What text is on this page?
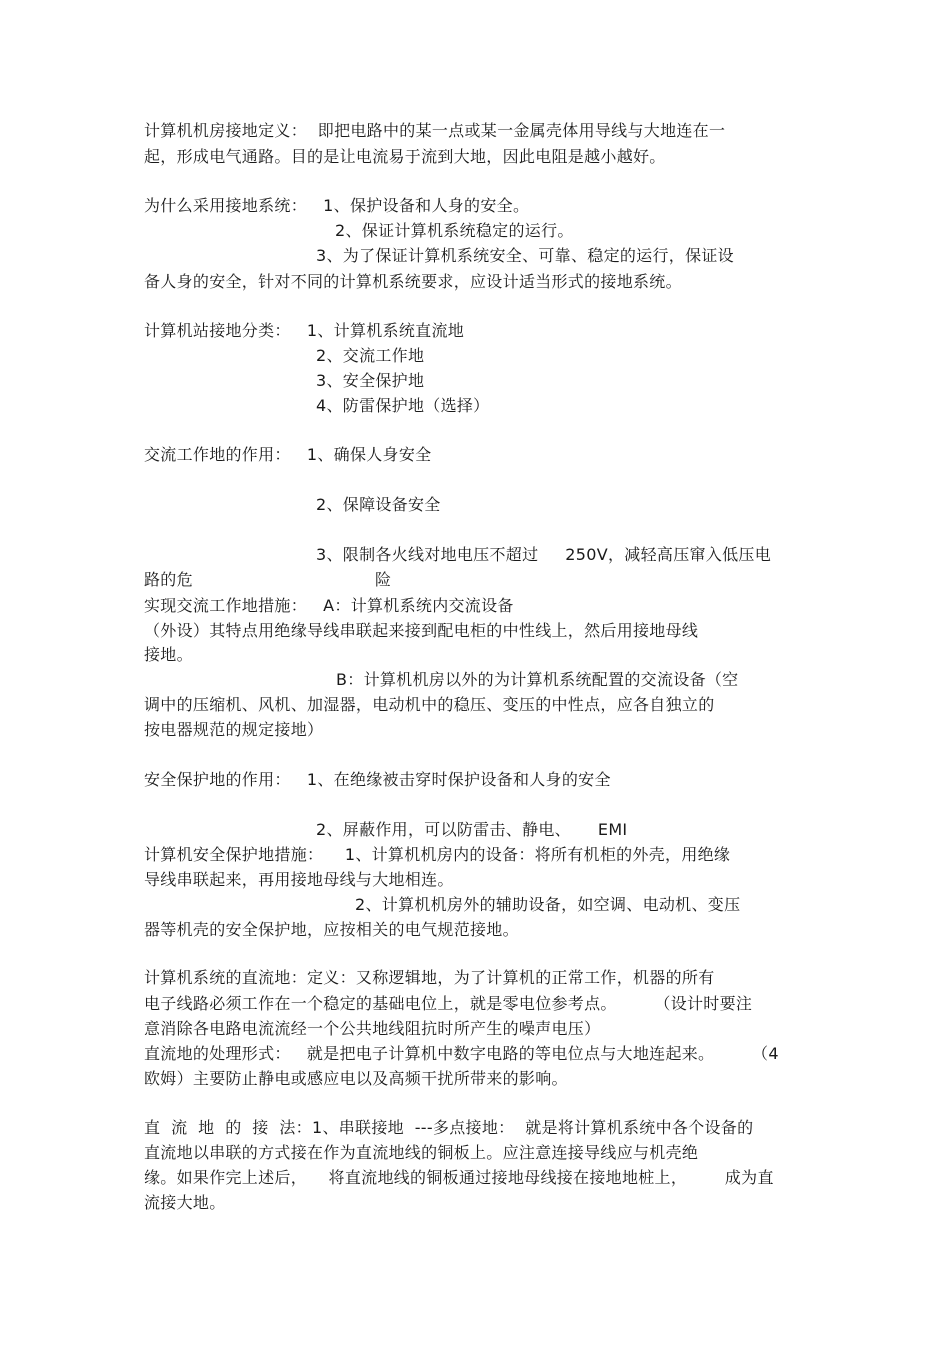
计算机机房接地定义：  即把电路中的某一点或某一金属壳体用导线与大地连在一
起，形成电气通路。目的是让电流易于流到大地，因此电阻是越小越好。
为什么采用接地系统：   1、保护设备和人身的安全。
2、保证计算机系统稳定的运行。
3、为了保证计算机系统安全、可靠、稳定的运行，保证设
备人身的安全，针对不同的计算机系统要求，应设计适当形式的接地系统。
计算机站接地分类：   1、计算机系统直流地
2、交流工作地
3、安全保护地
4、防雷保护地（选择）
交流工作地的作用：   1、确保人身安全
2、保障设备安全
3、限制各火线对地电压不超过     250V，减轻高压窜入低压电
路的危	险
实现交流工作地措施：   A：计算机系统内交流设备
（外设）其特点用绝缘导线串联起来接到配电柜的中性线上，然后用接地母线
接地。
B：计算机机房以外的为计算机系统配置的交流设备（空
调中的压缩机、风机、加湿器，电动机中的稳压、变压的中性点，应各自独立的
按电器规范的规定接地）
安全保护地的作用：   1、在绝缘被击穿时保护设备和人身的安全
2、屏蔽作用，可以防雷击、静电、     EMI
计算机安全保护地措施：    1、计算机机房内的设备：将所有机柜的外壳，用绝缘
导线串联起来，再用接地母线与大地相连。
2、计算机机房外的辅助设备，如空调、电动机、变压
器等机壳的安全保护地，应按相关的电气规范接地。
计算机系统的直流地：定义：又称逻辑地，为了计算机的正常工作，机器的所有
电子线路必须工作在一个稳定的基础电位上，就是零电位参考点。       （设计时要注
意消除各电路电流流经一个公共地线阻抗时所产生的噪声电压）
直流地的处理形式：   就是把电子计算机中数字电路的等电位点与大地连起来。       （4
欧姆）主要防止静电或感应电以及高频干扰所带来的影响。
直  流  地  的  接  法：1、串联接地  ---多点接地：  就是将计算机系统中各个设备的
直流地以串联的方式接在作为直流地线的铜板上。应注意连接导线应与机壳绝
缘。如果作完上述后，    将直流地线的铜板通过接地母线接在接地地桩上，       成为直
流接大地。
